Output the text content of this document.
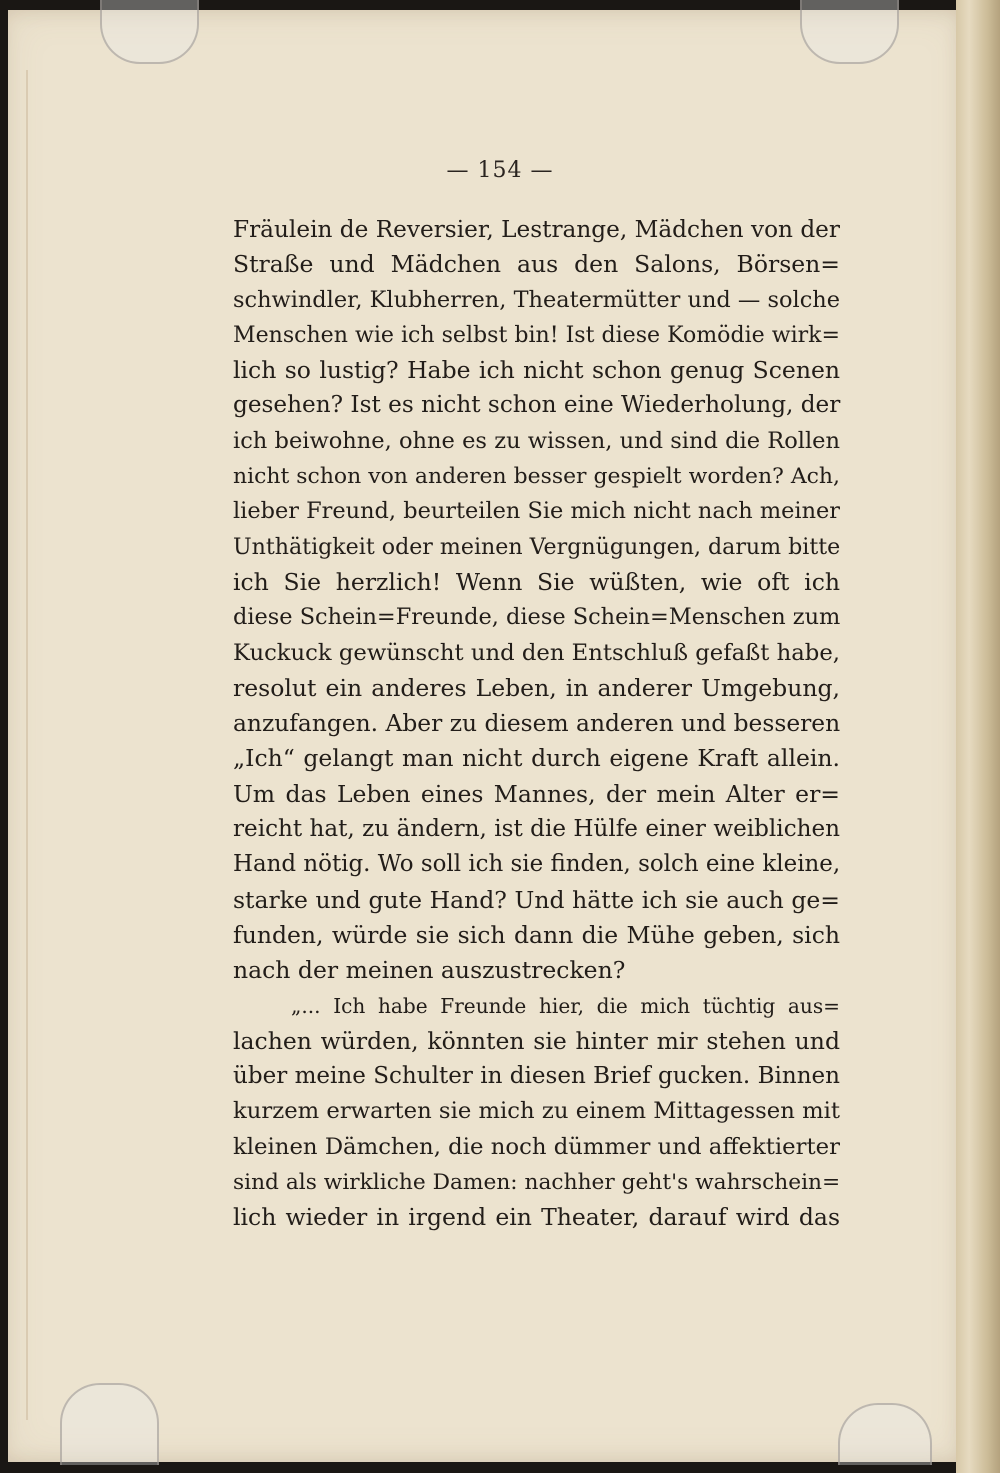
— 154 —
Fräulein de Reversier, Lestrange, Mädchen von der
Straße und Mädchen aus den Salons, Börsen=
schwindler, Klubherren, Theatermütter und — solche
Menschen wie ich selbst bin! Ist diese Komödie wirk=
lich so lustig? Habe ich nicht schon genug Scenen
gesehen? Ist es nicht schon eine Wiederholung, der
ich beiwohne, ohne es zu wissen, und sind die Rollen
nicht schon von anderen besser gespielt worden? Ach,
lieber Freund, beurteilen Sie mich nicht nach meiner
Unthätigkeit oder meinen Vergnügungen, darum bitte
ich Sie herzlich! Wenn Sie wüßten, wie oft ich
diese Schein=Freunde, diese Schein=Menschen zum
Kuckuck gewünscht und den Entschluß gefaßt habe,
resolut ein anderes Leben, in anderer Umgebung,
anzufangen. Aber zu diesem anderen und besseren
„Ich“ gelangt man nicht durch eigene Kraft allein.
Um das Leben eines Mannes, der mein Alter er=
reicht hat, zu ändern, ist die Hülfe einer weiblichen
Hand nötig. Wo soll ich sie finden, solch eine kleine,
starke und gute Hand? Und hätte ich sie auch ge=
funden, würde sie sich dann die Mühe geben, sich
nach der meinen auszustrecken?
„... Ich habe Freunde hier, die mich tüchtig aus=
lachen würden, könnten sie hinter mir stehen und
über meine Schulter in diesen Brief gucken. Binnen
kurzem erwarten sie mich zu einem Mittagessen mit
kleinen Dämchen, die noch dümmer und affektierter
sind als wirkliche Damen: nachher geht's wahrschein=
lich wieder in irgend ein Theater, darauf wird das
